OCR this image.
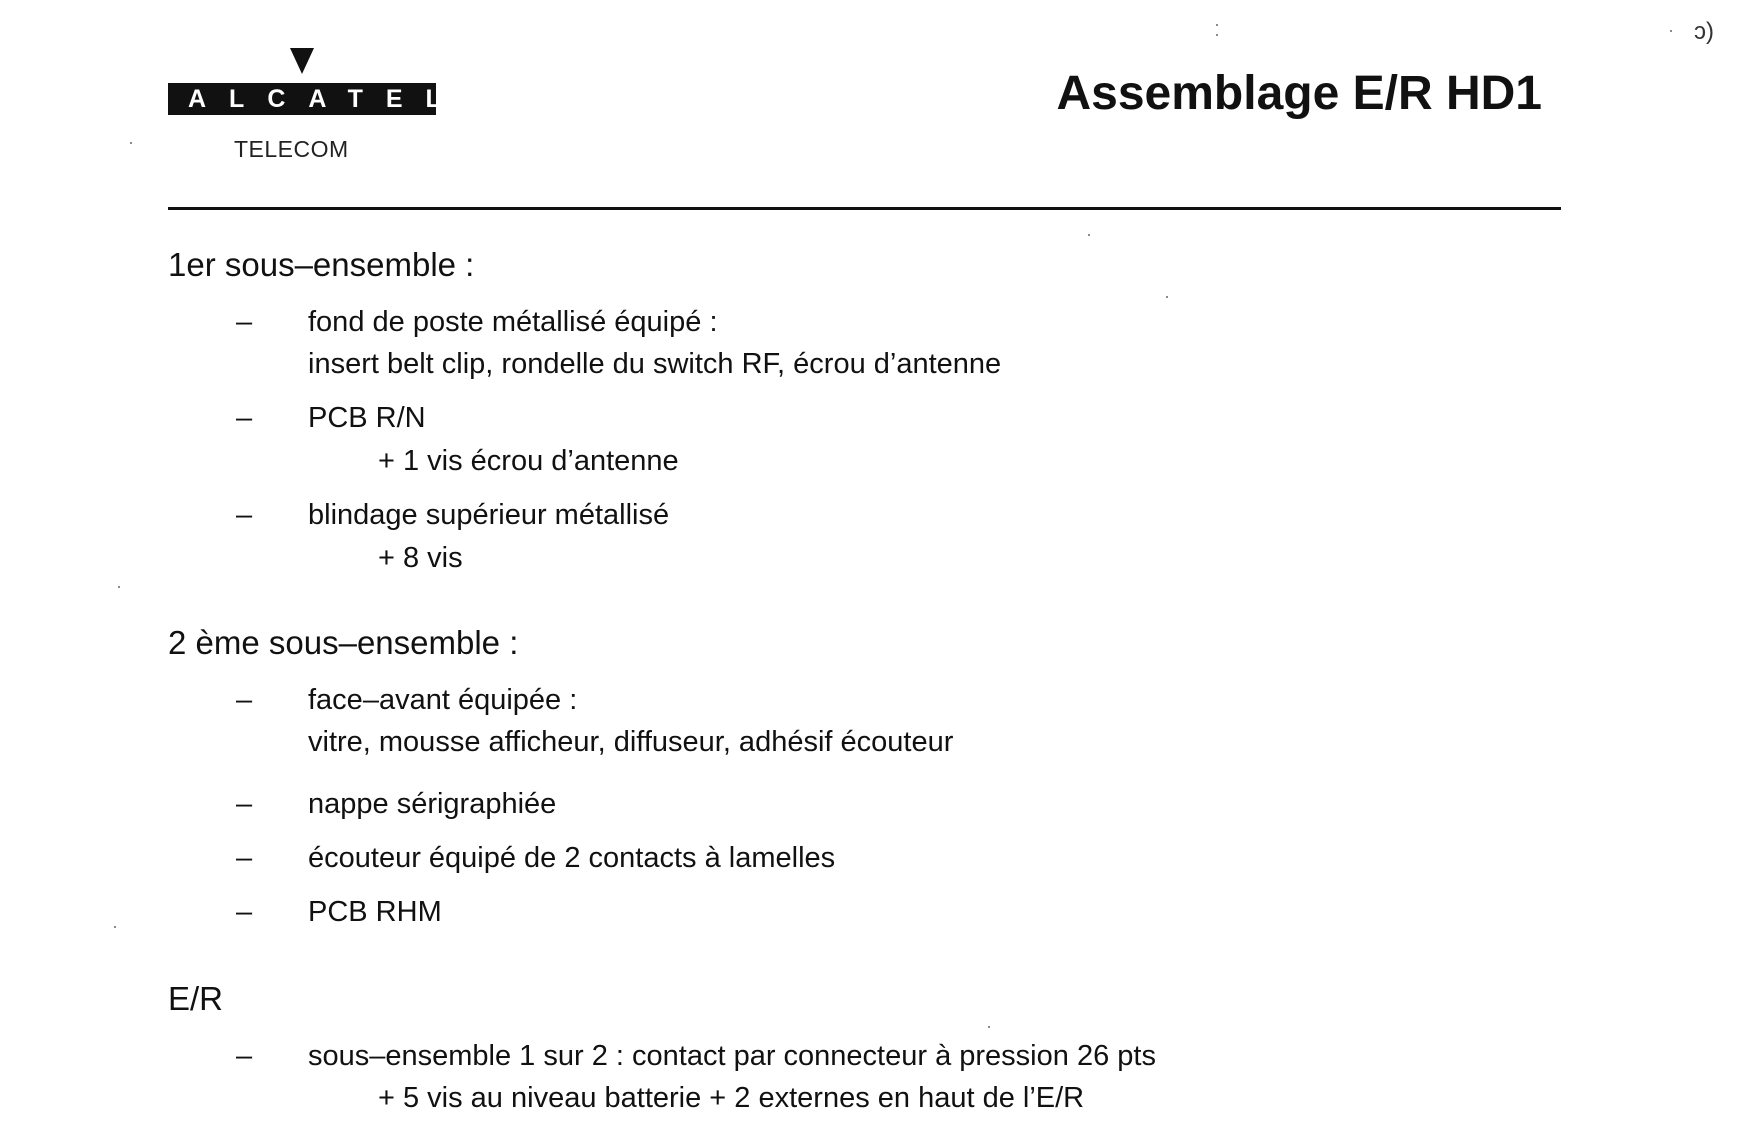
ALCATEL
TELECOM
Assemblage E/R HD1
ↄ)
1er sous–ensemble :
– fond de poste métallisé équipé :
insert belt clip, rondelle du switch RF, écrou d’antenne
– PCB R/N
+ 1 vis écrou d’antenne
– blindage supérieur métallisé
+ 8 vis
2 ème sous–ensemble :
– face–avant équipée :
vitre, mousse afficheur, diffuseur, adhésif écouteur
– nappe sérigraphiée
– écouteur équipé de 2 contacts à lamelles
– PCB RHM
E/R
– sous–ensemble 1 sur 2 : contact par connecteur à pression 26 pts
+ 5 vis au niveau batterie + 2 externes en haut de l’E/R
